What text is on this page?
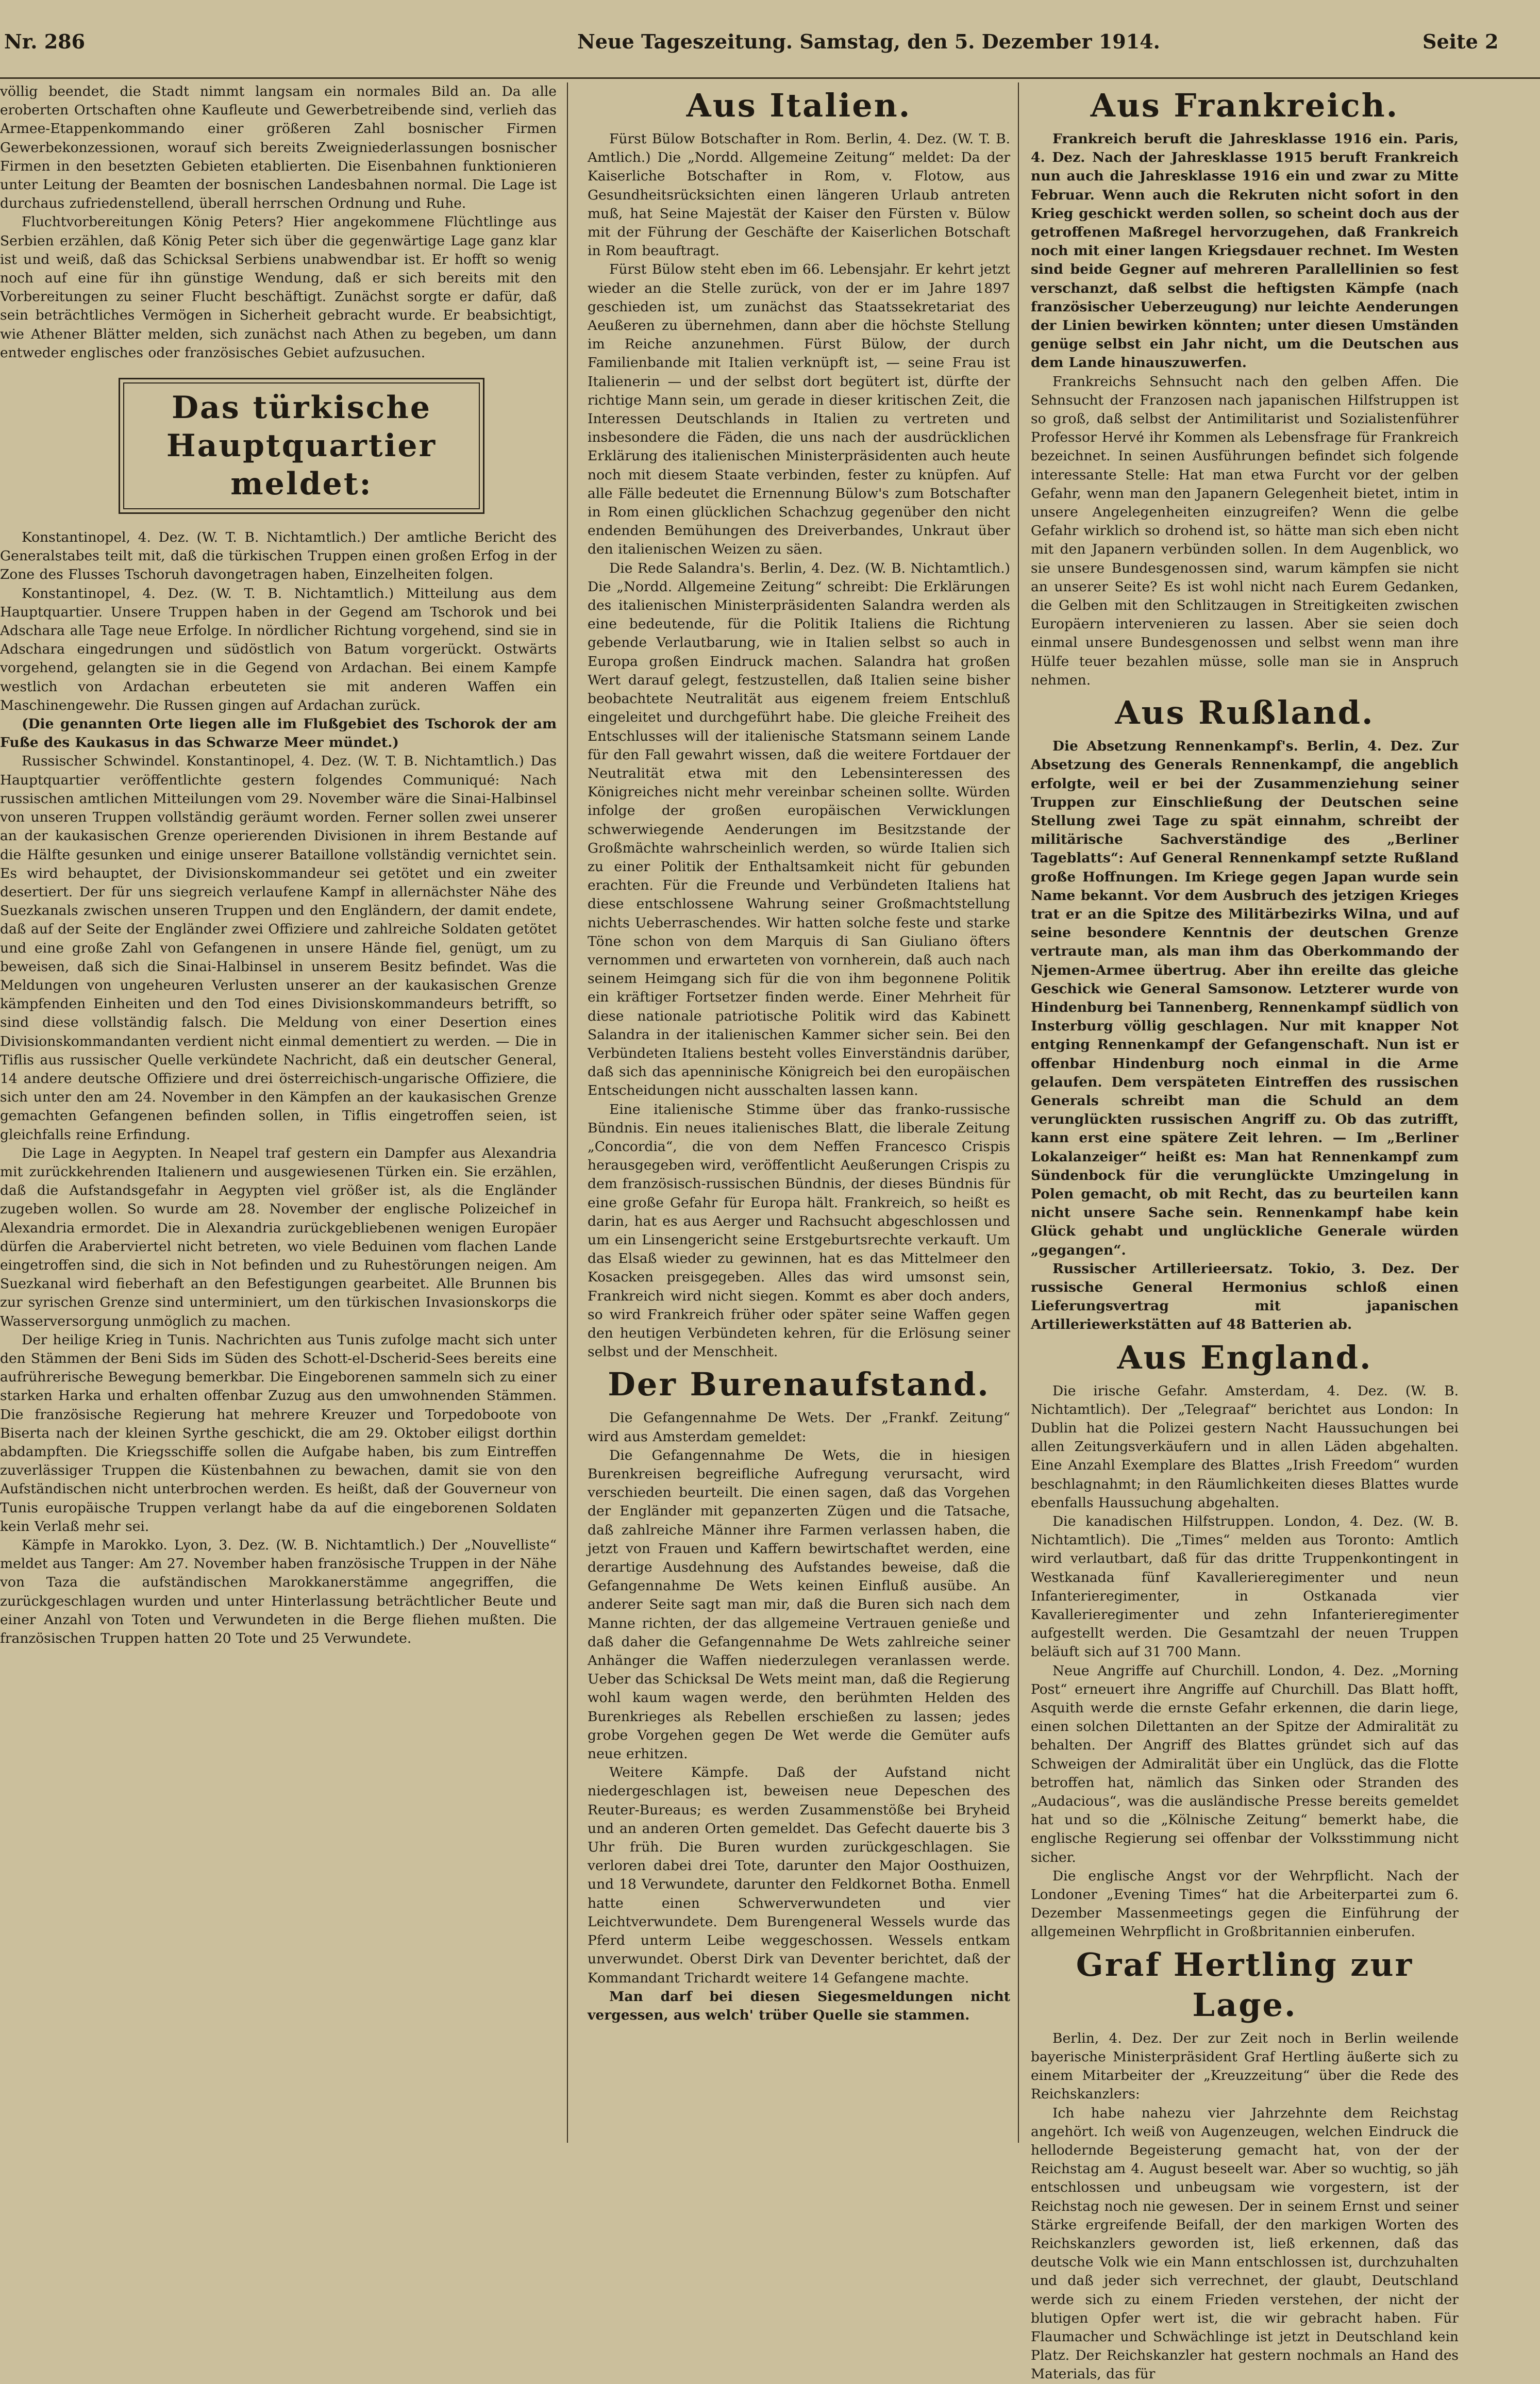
Nr. 286	Neue Tageszeitung. Samstag, den 5. Dezember 1914.	Seite 2

völlig beendet, die Stadt nimmt langsam ein normales Bild an. Da alle eroberten Ortschaften ohne Kaufleute und Gewerbetreibende sind, verlieh das Armee-Etappenkommando einer größeren Zahl bosnischer Firmen Gewerbekonzessionen, worauf sich bereits Zweigniederlassungen bosnischer Firmen in den besetzten Gebieten etablierten. Die Eisenbahnen funktionieren unter Leitung der Beamten der bosnischen Landesbahnen normal. Die Lage ist durchaus zufriedenstellend, überall herrschen Ordnung und Ruhe.

Fluchtvorbereitungen König Peters? Hier angekommene Flüchtlinge aus Serbien erzählen, daß König Peter sich über die gegenwärtige Lage ganz klar ist und weiß, daß das Schicksal Serbiens unabwendbar ist. Er hofft so wenig noch auf eine für ihn günstige Wendung, daß er sich bereits mit den Vorbereitungen zu seiner Flucht beschäftigt. Zunächst sorgte er dafür, daß sein beträchtliches Vermögen in Sicherheit gebracht wurde. Er beabsichtigt, wie Athener Blätter melden, sich zunächst nach Athen zu begeben, um dann entweder englisches oder französisches Gebiet aufzusuchen.

Das türkische Hauptquartier meldet:

Konstantinopel, 4. Dez. (W. T. B. Nichtamtlich.) Der amtliche Bericht des Generalstabes teilt mit, daß die türkischen Truppen einen großen Erfog in der Zone des Flusses Tschoruh davongetragen haben, Einzelheiten folgen.

Konstantinopel, 4. Dez. (W. T. B. Nichtamtlich.) Mitteilung aus dem Hauptquartier. Unsere Truppen haben in der Gegend am Tschorok und bei Adschara alle Tage neue Erfolge. In nördlicher Richtung vorgehend, sind sie in Adschara eingedrungen und südöstlich von Batum vorgerückt. Ostwärts vorgehend, gelangten sie in die Gegend von Ardachan. Bei einem Kampfe westlich von Ardachan erbeuteten sie mit anderen Waffen ein Maschinengewehr. Die Russen gingen auf Ardachan zurück.

(Die genannten Orte liegen alle im Flußgebiet des Tschorok der am Fuße des Kaukasus in das Schwarze Meer mündet.)

Russischer Schwindel. Konstantinopel, 4. Dez. (W. T. B. Nichtamtlich.) Das Hauptquartier veröffentlichte gestern folgendes Communiqué: Nach russischen amtlichen Mitteilungen vom 29. November wäre die Sinai-Halbinsel von unseren Truppen vollständig geräumt worden. Ferner sollen zwei unserer an der kaukasischen Grenze operierenden Divisionen in ihrem Bestande auf die Hälfte gesunken und einige unserer Bataillone vollständig vernichtet sein. Es wird behauptet, der Divisionskommandeur sei getötet und ein zweiter desertiert. Der für uns siegreich verlaufene Kampf in allernächster Nähe des Suezkanals zwischen unseren Truppen und den Engländern, der damit endete, daß auf der Seite der Engländer zwei Offiziere und zahlreiche Soldaten getötet und eine große Zahl von Gefangenen in unsere Hände fiel, genügt, um zu beweisen, daß sich die Sinai-Halbinsel in unserem Besitz befindet. Was die Meldungen von ungeheuren Verlusten unserer an der kaukasischen Grenze kämpfenden Einheiten und den Tod eines Divisionskommandeurs betrifft, so sind diese vollständig falsch. Die Meldung von einer Desertion eines Divisionskommandanten verdient nicht einmal dementiert zu werden. — Die in Tiflis aus russischer Quelle verkündete Nachricht, daß ein deutscher General, 14 andere deutsche Offiziere und drei österreichisch-ungarische Offiziere, die sich unter den am 24. November in den Kämpfen an der kaukasischen Grenze gemachten Gefangenen befinden sollen, in Tiflis eingetroffen seien, ist gleichfalls reine Erfindung.

Die Lage in Aegypten. In Neapel traf gestern ein Dampfer aus Alexandria mit zurückkehrenden Italienern und ausgewiesenen Türken ein. Sie erzählen, daß die Aufstandsgefahr in Aegypten viel größer ist, als die Engländer zugeben wollen. So wurde am 28. November der englische Polizeichef in Alexandria ermordet. Die in Alexandria zurückgebliebenen wenigen Europäer dürfen die Araberviertel nicht betreten, wo viele Beduinen vom flachen Lande eingetroffen sind, die sich in Not befinden und zu Ruhestörungen neigen. Am Suezkanal wird fieberhaft an den Befestigungen gearbeitet. Alle Brunnen bis zur syrischen Grenze sind unterminiert, um den türkischen Invasionskorps die Wasserversorgung unmöglich zu machen.

Der heilige Krieg in Tunis. Nachrichten aus Tunis zufolge macht sich unter den Stämmen der Beni Sids im Süden des Schott-el-Dscherid-Sees bereits eine aufrührerische Bewegung bemerkbar. Die Eingeborenen sammeln sich zu einer starken Harka und erhalten offenbar Zuzug aus den umwohnenden Stämmen. Die französische Regierung hat mehrere Kreuzer und Torpedoboote von Biserta nach der kleinen Syrthe geschickt, die am 29. Oktober eiligst dorthin abdampften. Die Kriegsschiffe sollen die Aufgabe haben, bis zum Eintreffen zuverlässiger Truppen die Küstenbahnen zu bewachen, damit sie von den Aufständischen nicht unterbrochen werden. Es heißt, daß der Gouverneur von Tunis europäische Truppen verlangt habe da auf die eingeborenen Soldaten kein Verlaß mehr sei.

Kämpfe in Marokko. Lyon, 3. Dez. (W. B. Nichtamtlich.) Der „Nouvelliste“ meldet aus Tanger: Am 27. November haben französische Truppen in der Nähe von Taza die aufständischen Marokkanerstämme angegriffen, die zurückgeschlagen wurden und unter Hinterlassung beträchtlicher Beute und einer Anzahl von Toten und Verwundeten in die Berge fliehen mußten. Die französischen Truppen hatten 20 Tote und 25 Verwundete.

Aus Italien.

Fürst Bülow Botschafter in Rom. Berlin, 4. Dez. (W. T. B. Amtlich.) Die „Nordd. Allgemeine Zeitung“ meldet: Da der Kaiserliche Botschafter in Rom, v. Flotow, aus Gesundheitsrücksichten einen längeren Urlaub antreten muß, hat Seine Majestät der Kaiser den Fürsten v. Bülow mit der Führung der Geschäfte der Kaiserlichen Botschaft in Rom beauftragt.

Fürst Bülow steht eben im 66. Lebensjahr. Er kehrt jetzt wieder an die Stelle zurück, von der er im Jahre 1897 geschieden ist, um zunächst das Staatssekretariat des Aeußeren zu übernehmen, dann aber die höchste Stellung im Reiche anzunehmen. Fürst Bülow, der durch Familienbande mit Italien verknüpft ist, — seine Frau ist Italienerin — und der selbst dort begütert ist, dürfte der richtige Mann sein, um gerade in dieser kritischen Zeit, die Interessen Deutschlands in Italien zu vertreten und insbesondere die Fäden, die uns nach der ausdrücklichen Erklärung des italienischen Ministerpräsidenten auch heute noch mit diesem Staate verbinden, fester zu knüpfen. Auf alle Fälle bedeutet die Ernennung Bülow's zum Botschafter in Rom einen glücklichen Schachzug gegenüber den nicht endenden Bemühungen des Dreiverbandes, Unkraut über den italienischen Weizen zu säen.

Die Rede Salandra's. Berlin, 4. Dez. (W. B. Nichtamtlich.) Die „Nordd. Allgemeine Zeitung“ schreibt: Die Erklärungen des italienischen Ministerpräsidenten Salandra werden als eine bedeutende, für die Politik Italiens die Richtung gebende Verlautbarung, wie in Italien selbst so auch in Europa großen Eindruck machen. Salandra hat großen Wert darauf gelegt, festzustellen, daß Italien seine bisher beobachtete Neutralität aus eigenem freiem Entschluß eingeleitet und durchgeführt habe. Die gleiche Freiheit des Entschlusses will der italienische Statsmann seinem Lande für den Fall gewahrt wissen, daß die weitere Fortdauer der Neutralität etwa mit den Lebensinteressen des Königreiches nicht mehr vereinbar scheinen sollte. Würden infolge der großen europäischen Verwicklungen schwerwiegende Aenderungen im Besitzstande der Großmächte wahrscheinlich werden, so würde Italien sich zu einer Politik der Enthaltsamkeit nicht für gebunden erachten. Für die Freunde und Verbündeten Italiens hat diese entschlossene Wahrung seiner Großmachtstellung nichts Ueberraschendes. Wir hatten solche feste und starke Töne schon von dem Marquis di San Giuliano öfters vernommen und erwarteten von vornherein, daß auch nach seinem Heimgang sich für die von ihm begonnene Politik ein kräftiger Fortsetzer finden werde. Einer Mehrheit für diese nationale patriotische Politik wird das Kabinett Salandra in der italienischen Kammer sicher sein. Bei den Verbündeten Italiens besteht volles Einverständnis darüber, daß sich das apenninische Königreich bei den europäischen Entscheidungen nicht ausschalten lassen kann.

Eine italienische Stimme über das franko-russische Bündnis. Ein neues italienisches Blatt, die liberale Zeitung „Concordia“, die von dem Neffen Francesco Crispis herausgegeben wird, veröffentlicht Aeußerungen Crispis zu dem französisch-russischen Bündnis, der dieses Bündnis für eine große Gefahr für Europa hält. Frankreich, so heißt es darin, hat es aus Aerger und Rachsucht abgeschlossen und um ein Linsengericht seine Erstgeburtsrechte verkauft. Um das Elsaß wieder zu gewinnen, hat es das Mittelmeer den Kosacken preisgegeben. Alles das wird umsonst sein, Frankreich wird nicht siegen. Kommt es aber doch anders, so wird Frankreich früher oder später seine Waffen gegen den heutigen Verbündeten kehren, für die Erlösung seiner selbst und der Menschheit.

Der Burenaufstand.

Die Gefangennahme De Wets. Der „Frankf. Zeitung“ wird aus Amsterdam gemeldet:

Die Gefangennahme De Wets, die in hiesigen Burenkreisen begreifliche Aufregung verursacht, wird verschieden beurteilt. Die einen sagen, daß das Vorgehen der Engländer mit gepanzerten Zügen und die Tatsache, daß zahlreiche Männer ihre Farmen verlassen haben, die jetzt von Frauen und Kaffern bewirtschaftet werden, eine derartige Ausdehnung des Aufstandes beweise, daß die Gefangennahme De Wets keinen Einfluß ausübe. An anderer Seite sagt man mir, daß die Buren sich nach dem Manne richten, der das allgemeine Vertrauen genieße und daß daher die Gefangennahme De Wets zahlreiche seiner Anhänger die Waffen niederzulegen veranlassen werde. Ueber das Schicksal De Wets meint man, daß die Regierung wohl kaum wagen werde, den berühmten Helden des Burenkrieges als Rebellen erschießen zu lassen; jedes grobe Vorgehen gegen De Wet werde die Gemüter aufs neue erhitzen.

Weitere Kämpfe. Daß der Aufstand nicht niedergeschlagen ist, beweisen neue Depeschen des Reuter-Bureaus; es werden Zusammenstöße bei Bryheid und an anderen Orten gemeldet. Das Gefecht dauerte bis 3 Uhr früh. Die Buren wurden zurückgeschlagen. Sie verloren dabei drei Tote, darunter den Major Oosthuizen, und 18 Verwundete, darunter den Feldkornet Botha. Enmell hatte einen Schwerverwundeten und vier Leichtverwundete. Dem Burengeneral Wessels wurde das Pferd unterm Leibe weggeschossen. Wessels entkam unverwundet. Oberst Dirk van Deventer berichtet, daß der Kommandant Trichardt weitere 14 Gefangene machte.

Man darf bei diesen Siegesmeldungen nicht vergessen, aus welch' trüber Quelle sie stammen.

Aus Frankreich.

Frankreich beruft die Jahresklasse 1916 ein. Paris, 4. Dez. Nach der Jahresklasse 1915 beruft Frankreich nun auch die Jahresklasse 1916 ein und zwar zu Mitte Februar. Wenn auch die Rekruten nicht sofort in den Krieg geschickt werden sollen, so scheint doch aus der getroffenen Maßregel hervorzugehen, daß Frankreich noch mit einer langen Kriegsdauer rechnet. Im Westen sind beide Gegner auf mehreren Parallellinien so fest verschanzt, daß selbst die heftigsten Kämpfe (nach französischer Ueberzeugung) nur leichte Aenderungen der Linien bewirken könnten; unter diesen Umständen genüge selbst ein Jahr nicht, um die Deutschen aus dem Lande hinauszuwerfen.

Frankreichs Sehnsucht nach den gelben Affen. Die Sehnsucht der Franzosen nach japanischen Hilfstruppen ist so groß, daß selbst der Antimilitarist und Sozialistenführer Professor Hervé ihr Kommen als Lebensfrage für Frankreich bezeichnet. In seinen Ausführungen befindet sich folgende interessante Stelle: Hat man etwa Furcht vor der gelben Gefahr, wenn man den Japanern Gelegenheit bietet, intim in unsere Angelegenheiten einzugreifen? Wenn die gelbe Gefahr wirklich so drohend ist, so hätte man sich eben nicht mit den Japanern verbünden sollen. In dem Augenblick, wo sie unsere Bundesgenossen sind, warum kämpfen sie nicht an unserer Seite? Es ist wohl nicht nach Eurem Gedanken, die Gelben mit den Schlitzaugen in Streitigkeiten zwischen Europäern intervenieren zu lassen. Aber sie seien doch einmal unsere Bundesgenossen und selbst wenn man ihre Hülfe teuer bezahlen müsse, solle man sie in Anspruch nehmen.

Aus Rußland.

Die Absetzung Rennenkampf's. Berlin, 4. Dez. Zur Absetzung des Generals Rennenkampf, die angeblich erfolgte, weil er bei der Zusammenziehung seiner Truppen zur Einschließung der Deutschen seine Stellung zwei Tage zu spät einnahm, schreibt der militärische Sachverständige des „Berliner Tageblatts“: Auf General Rennenkampf setzte Rußland große Hoffnungen. Im Kriege gegen Japan wurde sein Name bekannt. Vor dem Ausbruch des jetzigen Krieges trat er an die Spitze des Militärbezirks Wilna, und auf seine besondere Kenntnis der deutschen Grenze vertraute man, als man ihm das Oberkommando der Njemen-Armee übertrug. Aber ihn ereilte das gleiche Geschick wie General Samsonow. Letzterer wurde von Hindenburg bei Tannenberg, Rennenkampf südlich von Insterburg völlig geschlagen. Nur mit knapper Not entging Rennenkampf der Gefangenschaft. Nun ist er offenbar Hindenburg noch einmal in die Arme gelaufen. Dem verspäteten Eintreffen des russischen Generals schreibt man die Schuld an dem verunglückten russischen Angriff zu. Ob das zutrifft, kann erst eine spätere Zeit lehren. — Im „Berliner Lokalanzeiger“ heißt es: Man hat Rennenkampf zum Sündenbock für die verunglückte Umzingelung in Polen gemacht, ob mit Recht, das zu beurteilen kann nicht unsere Sache sein. Rennenkampf habe kein Glück gehabt und unglückliche Generale würden „gegangen“.

Russischer Artillerieersatz. Tokio, 3. Dez. Der russische General Hermonius schloß einen Lieferungsvertrag mit japanischen Artilleriewerkstätten auf 48 Batterien ab.

Aus England.

Die irische Gefahr. Amsterdam, 4. Dez. (W. B. Nichtamtlich). Der „Telegraaf“ berichtet aus London: In Dublin hat die Polizei gestern Nacht Haussuchungen bei allen Zeitungsverkäufern und in allen Läden abgehalten. Eine Anzahl Exemplare des Blattes „Irish Freedom“ wurden beschlagnahmt; in den Räumlichkeiten dieses Blattes wurde ebenfalls Haussuchung abgehalten.

Die kanadischen Hilfstruppen. London, 4. Dez. (W. B. Nichtamtlich). Die „Times“ melden aus Toronto: Amtlich wird verlautbart, daß für das dritte Truppenkontingent in Westkanada fünf Kavallerieregimenter und neun Infanterieregimenter, in Ostkanada vier Kavallerieregimenter und zehn Infanterieregimenter aufgestellt werden. Die Gesamtzahl der neuen Truppen beläuft sich auf 31 700 Mann.

Neue Angriffe auf Churchill. London, 4. Dez. „Morning Post“ erneuert ihre Angriffe auf Churchill. Das Blatt hofft, Asquith werde die ernste Gefahr erkennen, die darin liege, einen solchen Dilettanten an der Spitze der Admiralität zu behalten. Der Angriff des Blattes gründet sich auf das Schweigen der Admiralität über ein Unglück, das die Flotte betroffen hat, nämlich das Sinken oder Stranden des „Audacious“, was die ausländische Presse bereits gemeldet hat und so die „Kölnische Zeitung“ bemerkt habe, die englische Regierung sei offenbar der Volksstimmung nicht sicher.

Die englische Angst vor der Wehrpflicht. Nach der Londoner „Evening Times“ hat die Arbeiterpartei zum 6. Dezember Massenmeetings gegen die Einführung der allgemeinen Wehrpflicht in Großbritannien einberufen.

Graf Hertling zur Lage.

Berlin, 4. Dez. Der zur Zeit noch in Berlin weilende bayerische Ministerpräsident Graf Hertling äußerte sich zu einem Mitarbeiter der „Kreuzzeitung“ über die Rede des Reichskanzlers:

Ich habe nahezu vier Jahrzehnte dem Reichstag angehört. Ich weiß von Augenzeugen, welchen Eindruck die hellodernde Begeisterung gemacht hat, von der der Reichstag am 4. August beseelt war. Aber so wuchtig, so jäh entschlossen und unbeugsam wie vorgestern, ist der Reichstag noch nie gewesen. Der in seinem Ernst und seiner Stärke ergreifende Beifall, der den markigen Worten des Reichskanzlers geworden ist, ließ erkennen, daß das deutsche Volk wie ein Mann entschlossen ist, durchzuhalten und daß jeder sich verrechnet, der glaubt, Deutschland werde sich zu einem Frieden verstehen, der nicht der blutigen Opfer wert ist, die wir gebracht haben. Für Flaumacher und Schwächlinge ist jetzt in Deutschland kein Platz. Der Reichskanzler hat gestern nochmals an Hand des Materials, das für
